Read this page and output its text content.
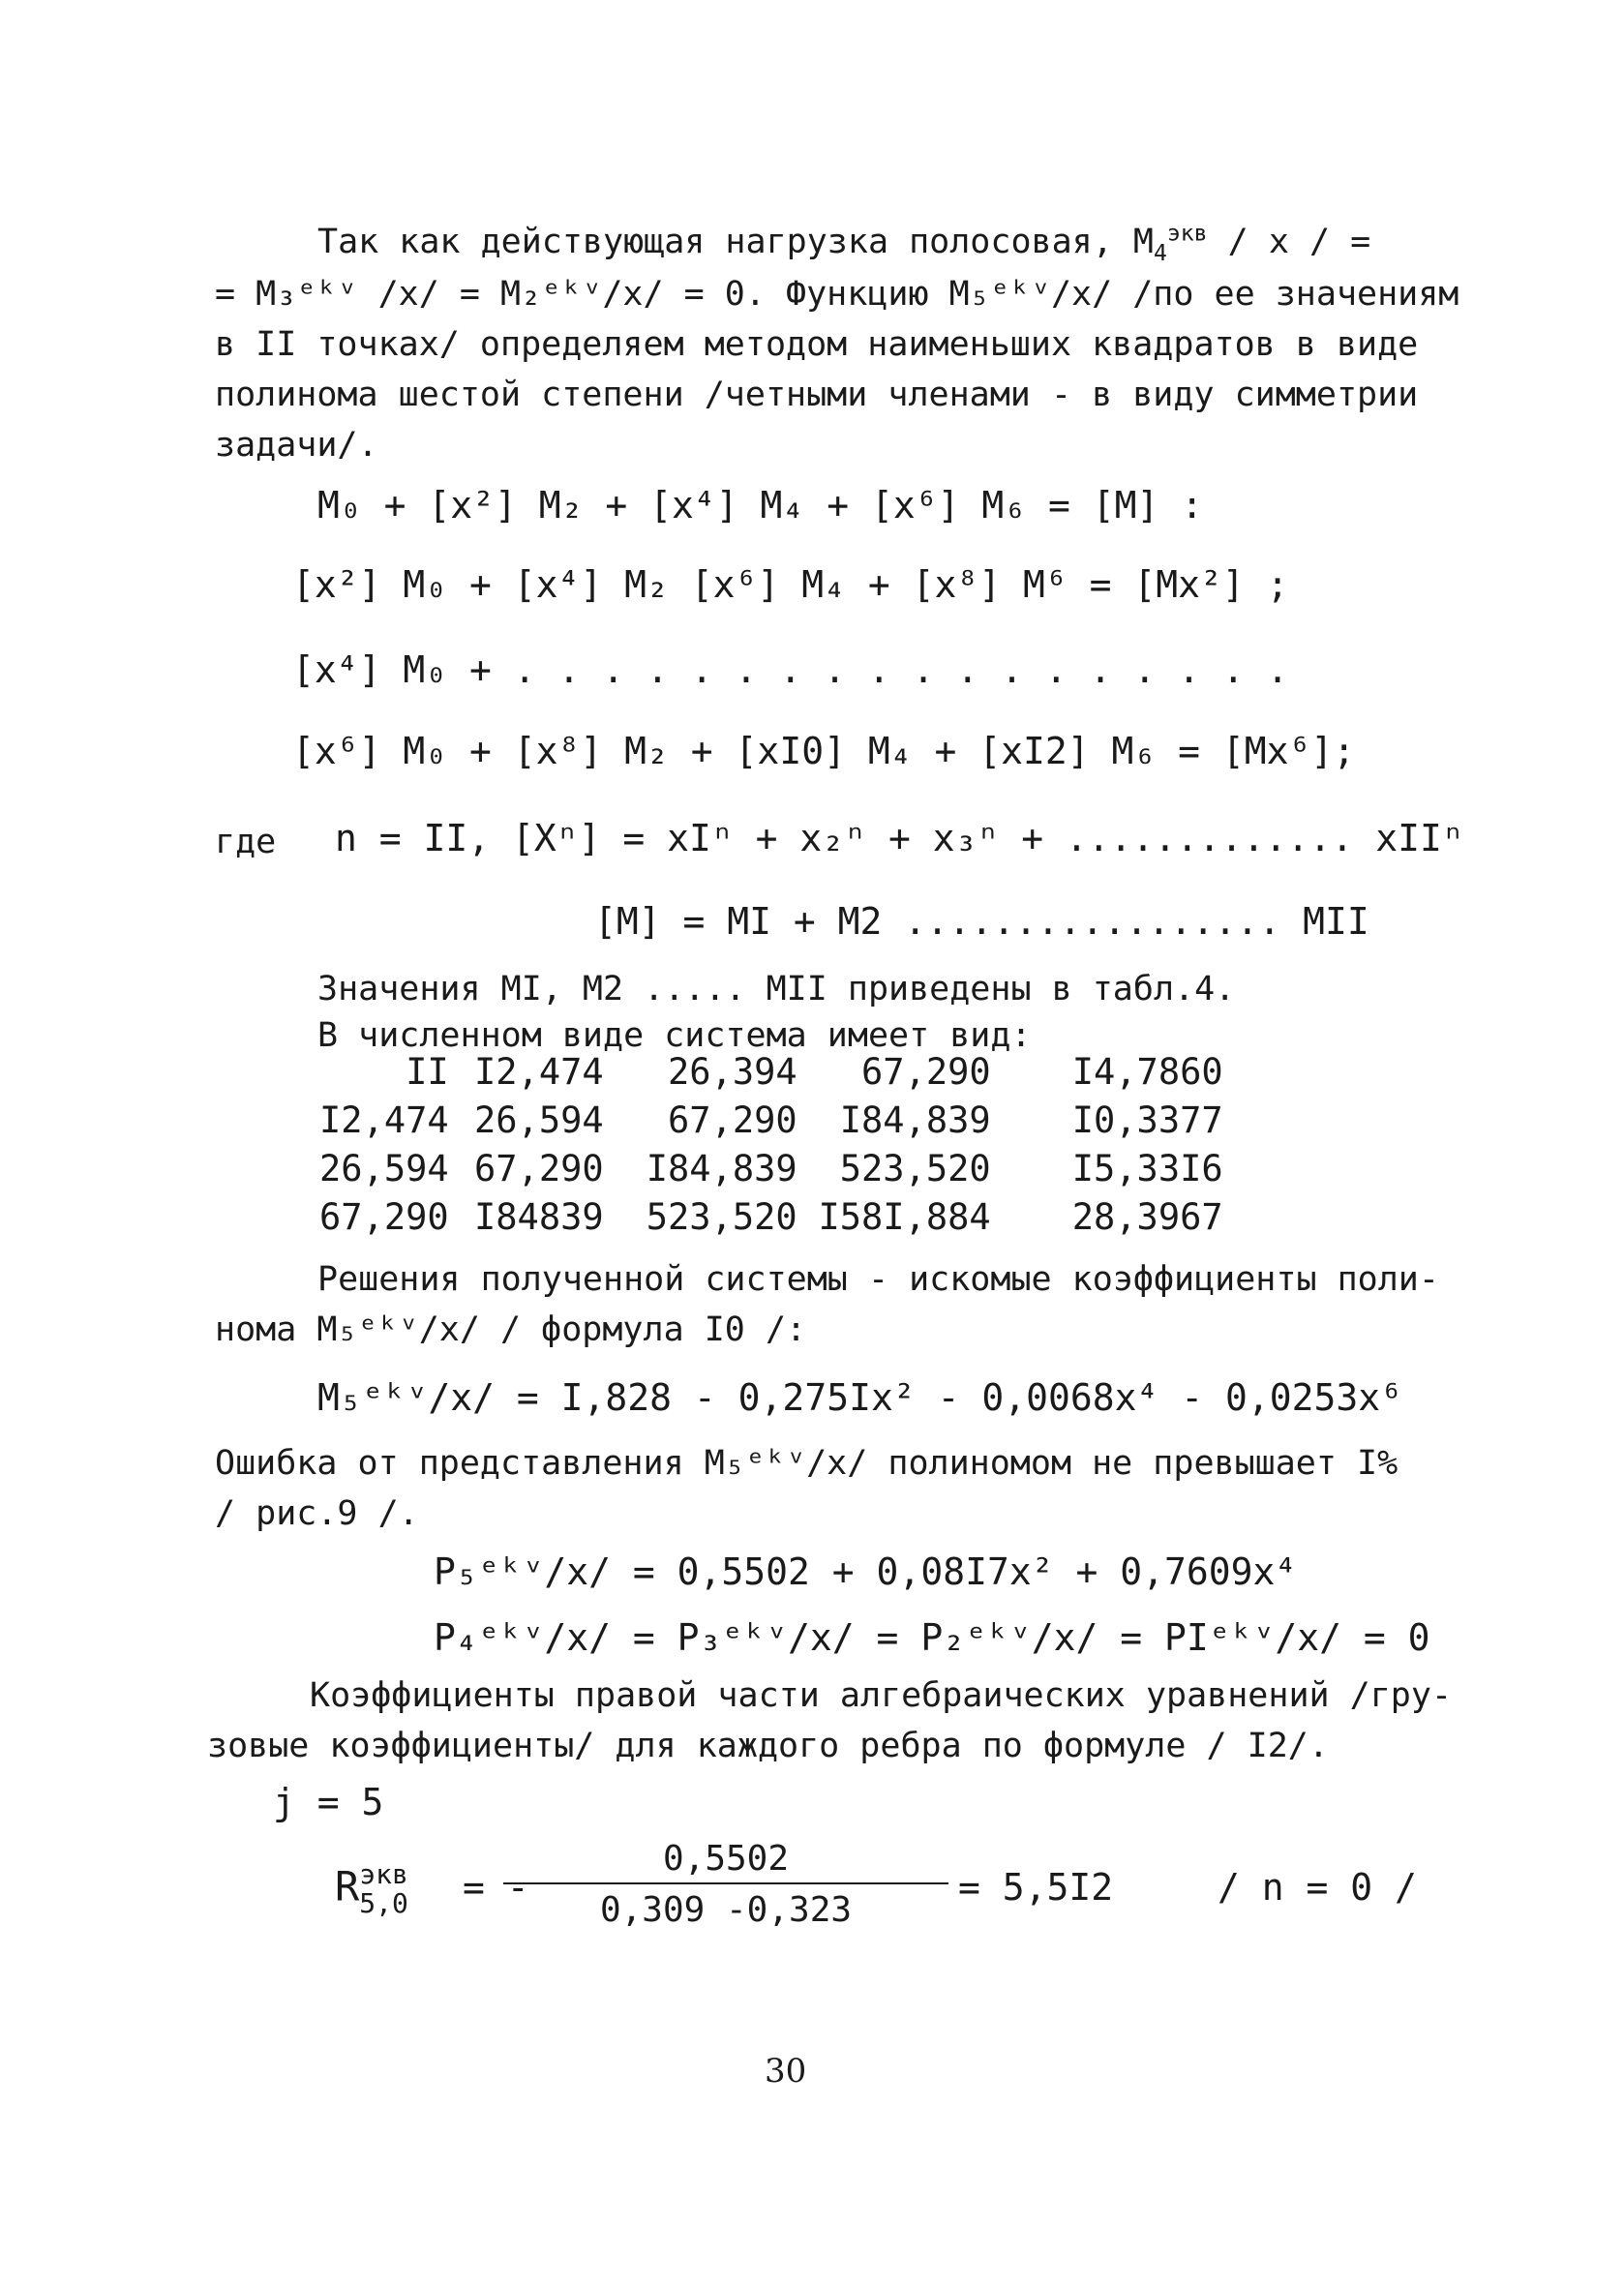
Так как действующая нагрузка полосовая, $M_4^{экв}$ / x / =
= M₃ᵉᵏᵛ /x/ = M₂ᵉᵏᵛ/x/ = 0. Функцию M₅ᵉᵏᵛ/x/ /по ее значениям
в II точках/ определяем методом наименьших квадратов в виде
полинома шестой степени /четными членами - в виду симметрии
задачи/.
M₀ + [x²] M₂ + [x⁴] M₄ + [x⁶] M₆ = [M] :
[x²] M₀ + [x⁴] M₂ [x⁶] M₄ + [x⁸] M⁶ = [Mx²] ;
[x⁴] M₀ + . . . . . . . . . . . . . . . . . .
[x⁶] M₀ + [x⁸] M₂ + [xI0] M₄ + [xI2] M₆ = [Mx⁶];
где n = II, [Xⁿ] = xIⁿ + x₂ⁿ + x₃ⁿ + ............. xIIⁿ
[M] = MI + M2 ................. MII
Значения MI, M2 ..... MII приведены в табл.4.
В численном виде система имеет вид:
II	I2,474	26,394	67,290	I4,7860
I2,474	26,594	67,290	I84,839	I0,3377
26,594	67,290	I84,839	523,520	I5,33I6
67,290	I84839	523,520	I58I,884	28,3967
Решения полученной системы - искомые коэффициенты поли-
нома M₅ᵉᵏᵛ/x/ / формула I0 /:
M₅ᵉᵏᵛ/x/ = I,828 - 0,275Ix² - 0,0068x⁴ - 0,0253x⁶
Ошибка от представления M₅ᵉᵏᵛ/x/ полиномом не превышает I%
/ рис.9 /.
P₅ᵉᵏᵛ/x/ = 0,5502 + 0,08I7x² + 0,7609x⁴
P₄ᵉᵏᵛ/x/ = P₃ᵉᵏᵛ/x/ = P₂ᵉᵏᵛ/x/ = PIᵉᵏᵛ/x/ = 0
Коэффициенты правой части алгебраических уравнений /гру-
зовые коэффициенты/ для каждого ребра по формуле / I2/.
j = 5
R экв
5,0 = -
$\frac{0,5502}{0,309 -0,323} = 5,5I2$	/ n = 0 /
30
